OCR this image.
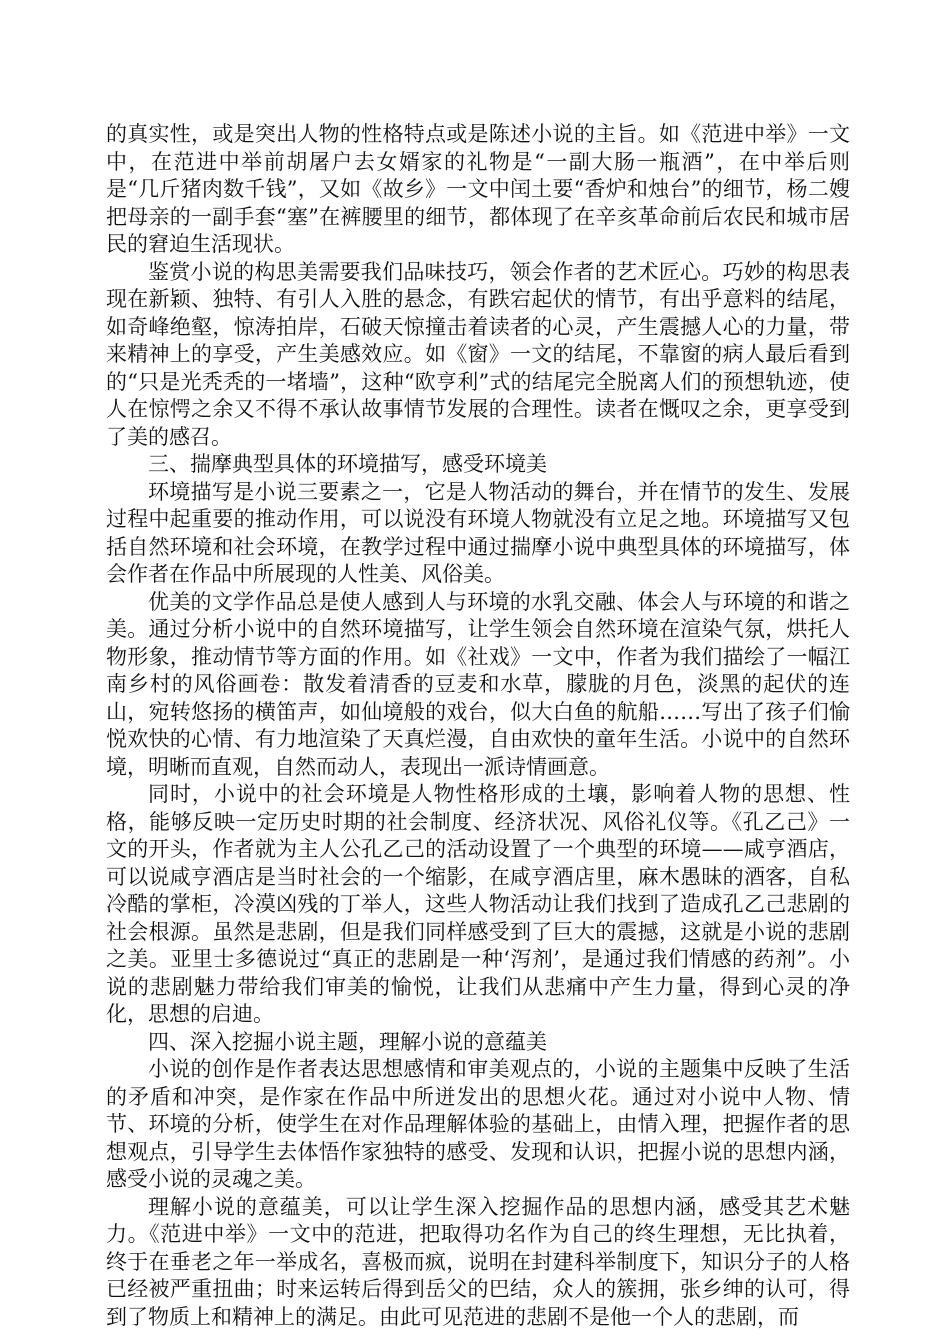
的真实性，或是突出人物的性格特点或是陈述小说的主旨。如《范进中举》一文中，在范进中举前胡屠户去女婿家的礼物是“一副大肠一瓶酒”，在中举后则是“几斤猪肉数千钱”，又如《故乡》一文中闰土要“香炉和烛台”的细节，杨二嫂把母亲的一副手套“塞”在裤腰里的细节，都体现了在辛亥革命前后农民和城市居民的窘迫生活现状。

鉴赏小说的构思美需要我们品味技巧，领会作者的艺术匠心。巧妙的构思表现在新颖、独特、有引人入胜的悬念，有跌宕起伏的情节，有出乎意料的结尾，如奇峰绝壑，惊涛拍岸，石破天惊撞击着读者的心灵，产生震撼人心的力量，带来精神上的享受，产生美感效应。如《窗》一文的结尾，不靠窗的病人最后看到的“只是光秃秃的一堵墙”，这种“欧亨利”式的结尾完全脱离人们的预想轨迹，使人在惊愕之余又不得不承认故事情节发展的合理性。读者在慨叹之余，更享受到了美的感召。

三、揣摩典型具体的环境描写，感受环境美

环境描写是小说三要素之一，它是人物活动的舞台，并在情节的发生、发展过程中起重要的推动作用，可以说没有环境人物就没有立足之地。环境描写又包括自然环境和社会环境，在教学过程中通过揣摩小说中典型具体的环境描写，体会作者在作品中所展现的人性美、风俗美。

优美的文学作品总是使人感到人与环境的水乳交融、体会人与环境的和谐之美。通过分析小说中的自然环境描写，让学生领会自然环境在渲染气氛，烘托人物形象，推动情节等方面的作用。如《社戏》一文中，作者为我们描绘了一幅江南乡村的风俗画卷：散发着清香的豆麦和水草，朦胧的月色，淡黑的起伏的连山，宛转悠扬的横笛声，如仙境般的戏台，似大白鱼的航船……写出了孩子们愉悦欢快的心情、有力地渲染了天真烂漫，自由欢快的童年生活。小说中的自然环境，明晰而直观，自然而动人，表现出一派诗情画意。

同时，小说中的社会环境是人物性格形成的土壤，影响着人物的思想、性格，能够反映一定历史时期的社会制度、经济状况、风俗礼仪等。《孔乙己》一文的开头，作者就为主人公孔乙己的活动设置了一个典型的环境——咸亨酒店，可以说咸亨酒店是当时社会的一个缩影，在咸亨酒店里，麻木愚昧的酒客，自私冷酷的掌柜，冷漠凶残的丁举人，这些人物活动让我们找到了造成孔乙己悲剧的社会根源。虽然是悲剧，但是我们同样感受到了巨大的震撼，这就是小说的悲剧之美。亚里士多德说过“真正的悲剧是一种‘泻剂’，是通过我们情感的药剂”。小说的悲剧魅力带给我们审美的愉悦，让我们从悲痛中产生力量，得到心灵的净化，思想的启迪。

四、深入挖掘小说主题，理解小说的意蕴美

小说的创作是作者表达思想感情和审美观点的，小说的主题集中反映了生活的矛盾和冲突，是作家在作品中所迸发出的思想火花。通过对小说中人物、情节、环境的分析，使学生在对作品理解体验的基础上，由情入理，把握作者的思想观点，引导学生去体悟作家独特的感受、发现和认识，把握小说的思想内涵，感受小说的灵魂之美。

理解小说的意蕴美，可以让学生深入挖掘作品的思想内涵，感受其艺术魅力。《范进中举》一文中的范进，把取得功名作为自己的终生理想，无比执着，终于在垂老之年一举成名，喜极而疯，说明在封建科举制度下，知识分子的人格已经被严重扭曲；时来运转后得到岳父的巴结，众人的簇拥，张乡绅的认可，得到了物质上和精神上的满足。由此可见范进的悲剧不是他一个人的悲剧，而
